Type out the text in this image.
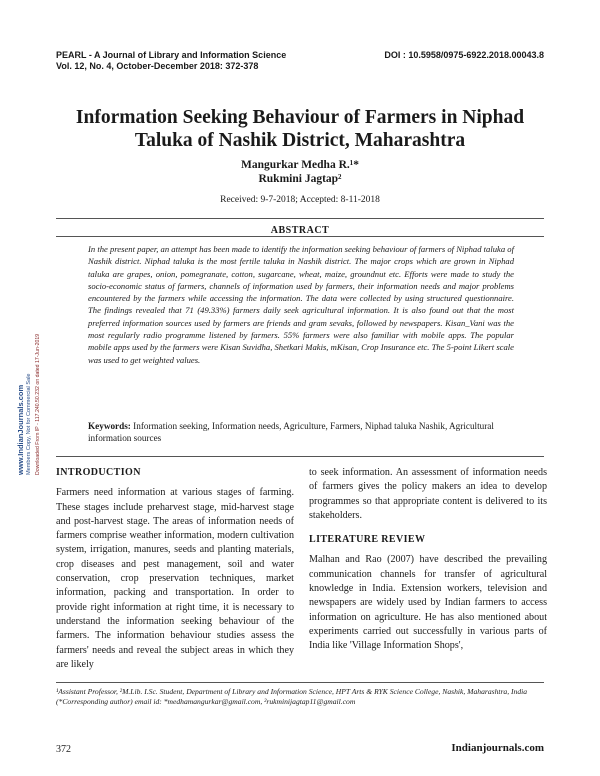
PEARL - A Journal of Library and Information Science
Vol. 12, No. 4, October-December 2018: 372-378
DOI : 10.5958/0975-6922.2018.00043.8
Information Seeking Behaviour of Farmers in Niphad Taluka of Nashik District, Maharashtra
Mangurkar Medha R.¹*
Rukmini Jagtap²
Received: 9-7-2018; Accepted: 8-11-2018
ABSTRACT
In the present paper, an attempt has been made to identify the information seeking behaviour of farmers of Niphad taluka of Nashik district. Niphad taluka is the most fertile taluka in Nashik district. The major crops which are grown in Niphad taluka are grapes, onion, pomegranate, cotton, sugarcane, wheat, maize, groundnut etc. Efforts were made to study the socio-economic status of farmers, channels of information used by farmers, their information needs and major problems encountered by the farmers while accessing the information. The data were collected by using structured questionnaire. The findings revealed that 71 (49.33%) farmers daily seek agricultural information. It is also found out that the most preferred information sources used by farmers are friends and gram sevaks, followed by newspapers. Kisan_Vani was the most regularly radio programme listened by farmers. 55% farmers were also familiar with mobile apps. The popular mobile apps used by the farmers were Kisan Suvidha, Shetkari Makis, mKisan, Crop Insurance etc. The 5-point Likert scale was used to get weighted values.
Keywords: Information seeking, Information needs, Agriculture, Farmers, Niphad taluka Nashik, Agricultural information sources
www.IndianJournals.com Members Copy, Not for Commercial Sale Downloaded From IP - 117.240.50.232 on dated 17-Jun-2019 INTRODUCTION

Farmers need information at various stages of farming. These stages include preharvest stage, mid-harvest stage and post-harvest stage. The areas of information needs of farmers comprise weather information, modern cultivation system, irrigation, manures, seeds and planting materials, crop diseases and pest management, soil and water conservation, crop preservation techniques, market information, packing and transportation. In order to provide right information at right time, it is necessary to understand the information seeking behaviour of the farmers. The information behaviour studies assess the farmers' needs and reveal the subject areas in which they are likely

to seek information. An assessment of information needs of farmers gives the policy makers an idea to develop programmes so that appropriate content is delivered to its stakeholders.

LITERATURE REVIEW

Malhan and Rao (2007) have described the prevailing communication channels for transfer of agricultural knowledge in India. Extension workers, television and newspapers are widely used by Indian farmers to access information on agriculture. He has also mentioned about experiments carried out successfully in various parts of India like 'Village Information Shops',

¹Assistant Professor, ²M.Lib. I.Sc. Student, Department of Library and Information Science, HPT Arts & RYK Science College, Nashik, Maharashtra, India
(*Corresponding author) email id: *medhamangurkar@gmail.com, ²rukminijagtap11@gmail.com
372	Indianjournals.com
